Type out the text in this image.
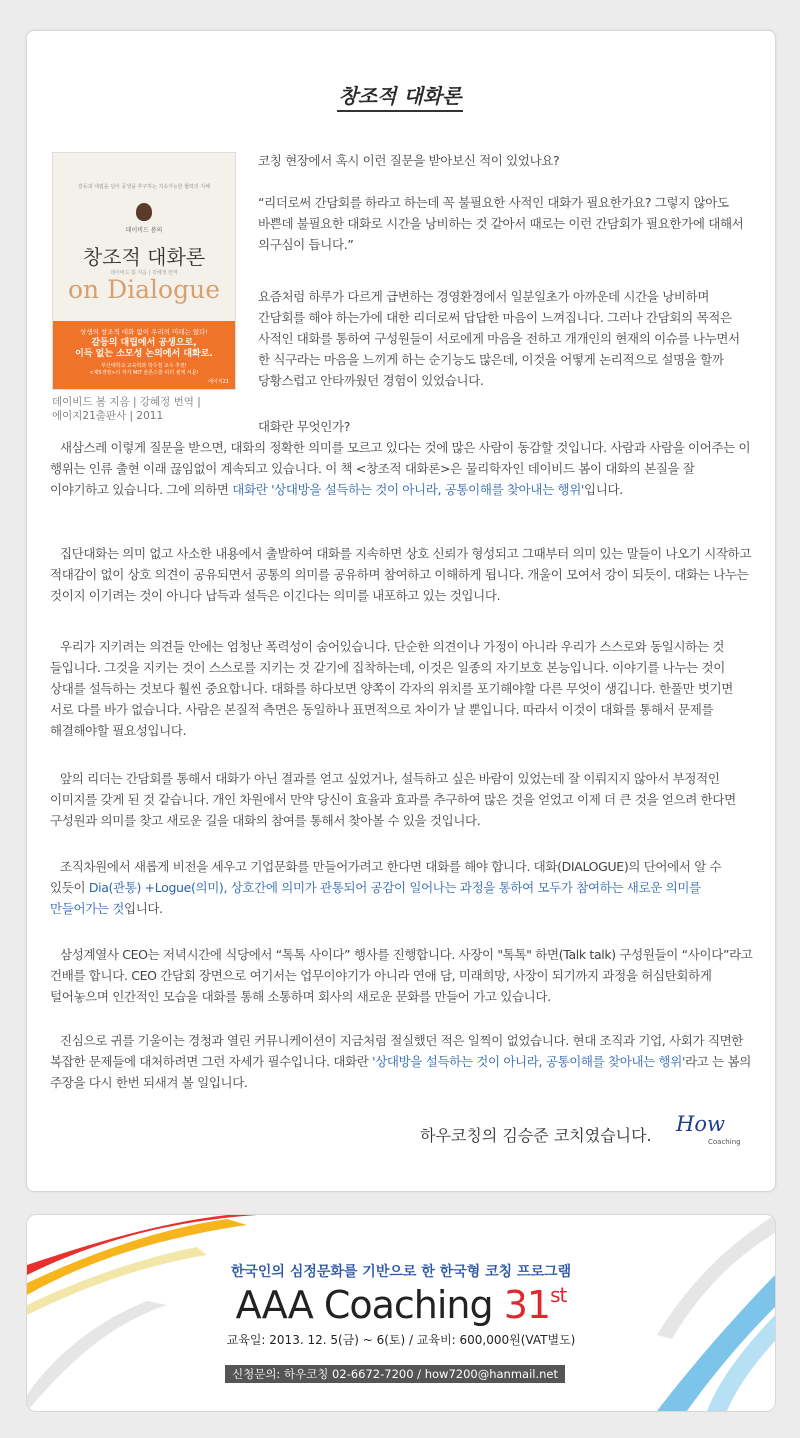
창조적 대화론
갈등과 대립을 넘어 공생을 추구하는 지속가능한 협력의 지혜
데이비드 봄의
창조적 대화론
데이비드 봄 지음 | 강혜정 번역
on Dialogue
상생의 창조적 대화 없이 우리의 미래는 없다!
갈등의 대립에서 공생으로,
이득 없는 소모성 논의에서 대화로.
부산대학교 교육학과 박수철 교수 추천!
<제5경영>의 저자 MIT 슬론스쿨 피터 센게 서문!
에이지21
데이비드 봄 지음 | 강혜정 번역 |
에이지21출판사 | 2011

코칭 현장에서 혹시 이런 질문을 받아보신 적이 있었나요?

“리더로써 간담회를 하라고 하는데 꼭 불필요한 사적인 대화가 필요한가요? 그렇지 않아도 바쁜데 불필요한 대화로 시간을 낭비하는 것 같아서 때로는 이런 간담회가 필요한가에 대해서 의구심이 듭니다.”

요즘처럼 하루가 다르게 급변하는 경영환경에서 일분일초가 아까운데 시간을 낭비하며 간담회를 해야 하는가에 대한 리더로써 답답한 마음이 느껴집니다. 그러나 간담회의 목적은 사적인 대화를 통하여 구성원들이 서로에게 마음을 전하고 개개인의 현재의 이슈를 나누면서 한 식구라는 마음을 느끼게 하는 순기능도 많은데, 이것을 어떻게 논리적으로 설명을 할까 당황스럽고 안타까웠던 경험이 있었습니다.

대화란 무엇인가?

새삼스레 이렇게 질문을 받으면, 대화의 정확한 의미를 모르고 있다는 것에 많은 사람이 동감할 것입니다. 사람과 사람을 이어주는 이 행위는 인류 출현 이래 끊임없이 계속되고 있습니다. 이 책 <창조적 대화론>은 물리학자인 데이비드 봄이 대화의 본질을 잘 이야기하고 있습니다. 그에 의하면 대화란 '상대방을 설득하는 것이 아니라, 공통이해를 찾아내는 행위'입니다.

집단대화는 의미 없고 사소한 내용에서 출발하여 대화를 지속하면 상호 신뢰가 형성되고 그때부터 의미 있는 말들이 나오기 시작하고 적대감이 없이 상호 의견이 공유되면서 공통의 의미를 공유하며 참여하고 이해하게 됩니다. 개울이 모여서 강이 되듯이. 대화는 나누는 것이지 이기려는 것이 아니다 납득과 설득은 이긴다는 의미를 내포하고 있는 것입니다.

우리가 지키려는 의견들 안에는 엄청난 폭력성이 숨어있습니다. 단순한 의견이나 가정이 아니라 우리가 스스로와 동일시하는 것 들입니다. 그것을 지키는 것이 스스로를 지키는 것 같기에 집착하는데, 이것은 일종의 자기보호 본능입니다. 이야기를 나누는 것이 상대를 설득하는 것보다 훨씬 중요합니다. 대화를 하다보면 양쪽이 각자의 위치를 포기해야할 다른 무엇이 생깁니다. 한풀만 벗기면 서로 다를 바가 없습니다. 사람은 본질적 측면은 동일하나 표면적으로 차이가 날 뿐입니다. 따라서 이것이 대화를 통해서 문제를 해결해야할 필요성입니다.

앞의 리더는 간담회를 통해서 대화가 아닌 결과를 얻고 싶었거나, 설득하고 싶은 바람이 있었는데 잘 이뤄지지 않아서 부정적인 이미지를 갖게 된 것 같습니다. 개인 차원에서 만약 당신이 효율과 효과를 추구하여 많은 것을 얻었고 이제 더 큰 것을 얻으려 한다면 구성원과 의미를 찾고 새로운 길을 대화의 참여를 통해서 찾아볼 수 있을 것입니다.

조직차원에서 새롭게 비전을 세우고 기업문화를 만들어가려고 한다면 대화를 해야 합니다. 대화(DIALOGUE)의 단어에서 알 수 있듯이 Dia(관통) +Logue(의미), 상호간에 의미가 관통되어 공감이 일어나는 과정을 통하여 모두가 참여하는 새로운 의미를 만들어가는 것입니다.

삼성계열사 CEO는 저녁시간에 식당에서 “톡톡 사이다” 행사를 진행합니다. 사장이 "톡톡" 하면(Talk talk) 구성원들이 “사이다”라고 건배를 합니다. CEO 간담회 장면으로 여기서는 업무이야기가 아니라 연애 담, 미래희망, 사장이 되기까지 과정을 허심탄회하게 털어놓으며 인간적인 모습을 대화를 통해 소통하며 회사의 새로운 문화를 만들어 가고 있습니다.

진심으로 귀를 기울이는 경청과 열린 커뮤니케이션이 지금처럼 절실했던 적은 일찍이 없었습니다. 현대 조직과 기업, 사회가 직면한 복잡한 문제들에 대처하려면 그런 자세가 필수입니다. 대화란 '상대방을 설득하는 것이 아니라, 공통이해를 찾아내는 행위'라고 는 봄의 주장을 다시 한번 되새겨 볼 일입니다.

하우코칭의 김승준 코치였습니다. How
Coaching
한국인의 심정문화를 기반으로 한 한국형 코칭 프로그램
AAA Coaching 31st
교육일: 2013. 12. 5(금) ~ 6(토) / 교육비: 600,000원(VAT별도)
신청문의: 하우코칭 02-6672-7200 / how7200@hanmail.net
